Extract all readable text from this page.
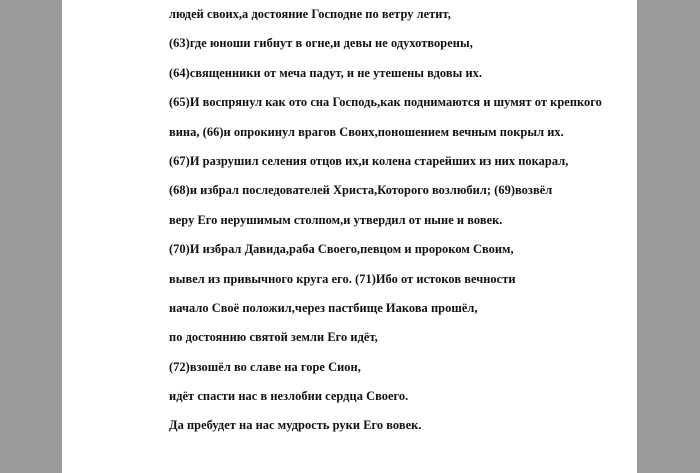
людей своих,а достояние Господне по ветру летит,
(63)где юноши гибнут в огне,и девы не одухотворены,
(64)священники от меча падут, и не утешены вдовы их.
(65)И воспрянул как ото сна Господь,как поднимаются и шумят от крепкого
вина, (66)и опрокинул врагов Своих,поношением вечным покрыл их.
(67)И разрушил селения отцов их,и колена старейших из них покарал,
(68)и избрал последователей Христа,Которого возлюбил; (69)возвёл
веру Его нерушимым столпом,и утвердил от ныне и вовек.
(70)И избрал Давида,раба Своего,певцом и пророком Своим,
вывел из привычного круга его. (71)Ибо от истоков вечности
начало Своё положил,через пастбище Иакова прошёл,
по достоянию святой земли Его идёт,
(72)взошёл во славе на горе Сион,
идёт спасти нас в незлобии сердца Своего.
Да пребудет на нас мудрость руки Его вовек.
